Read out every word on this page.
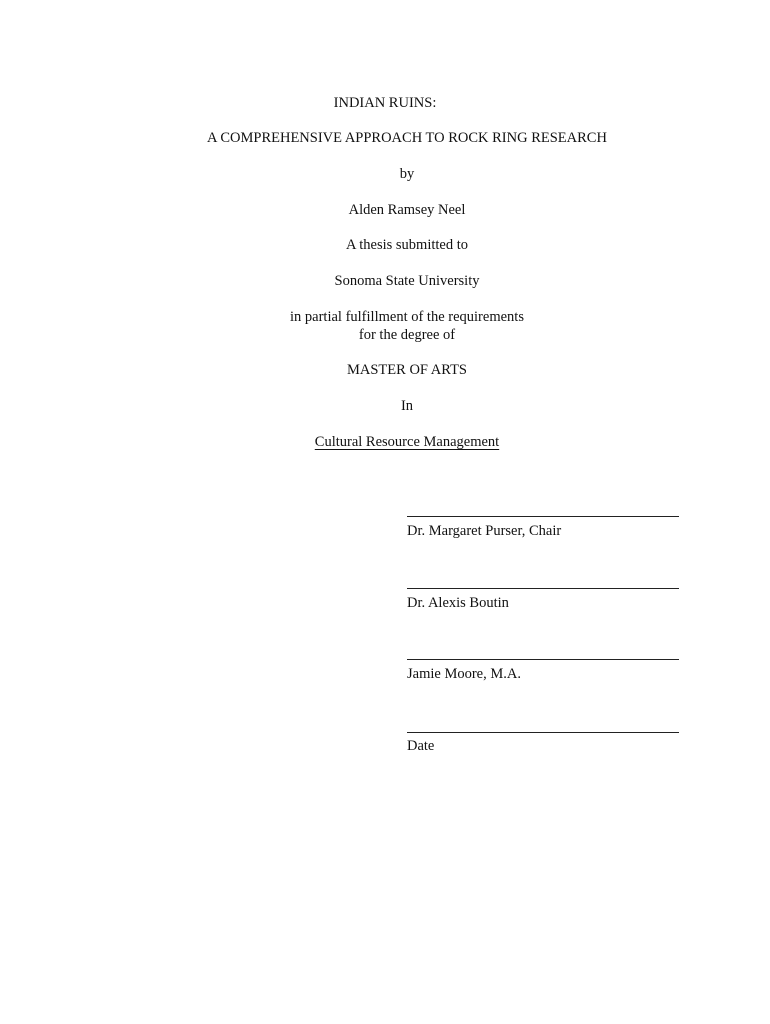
INDIAN RUINS:
A COMPREHENSIVE APPROACH TO ROCK RING RESEARCH
by
Alden Ramsey Neel
A thesis submitted to
Sonoma State University
in partial fulfillment of the requirements
for the degree of
MASTER OF ARTS
In
Cultural Resource Management
Dr. Margaret Purser, Chair
Dr. Alexis Boutin
Jamie Moore, M.A.
Date
